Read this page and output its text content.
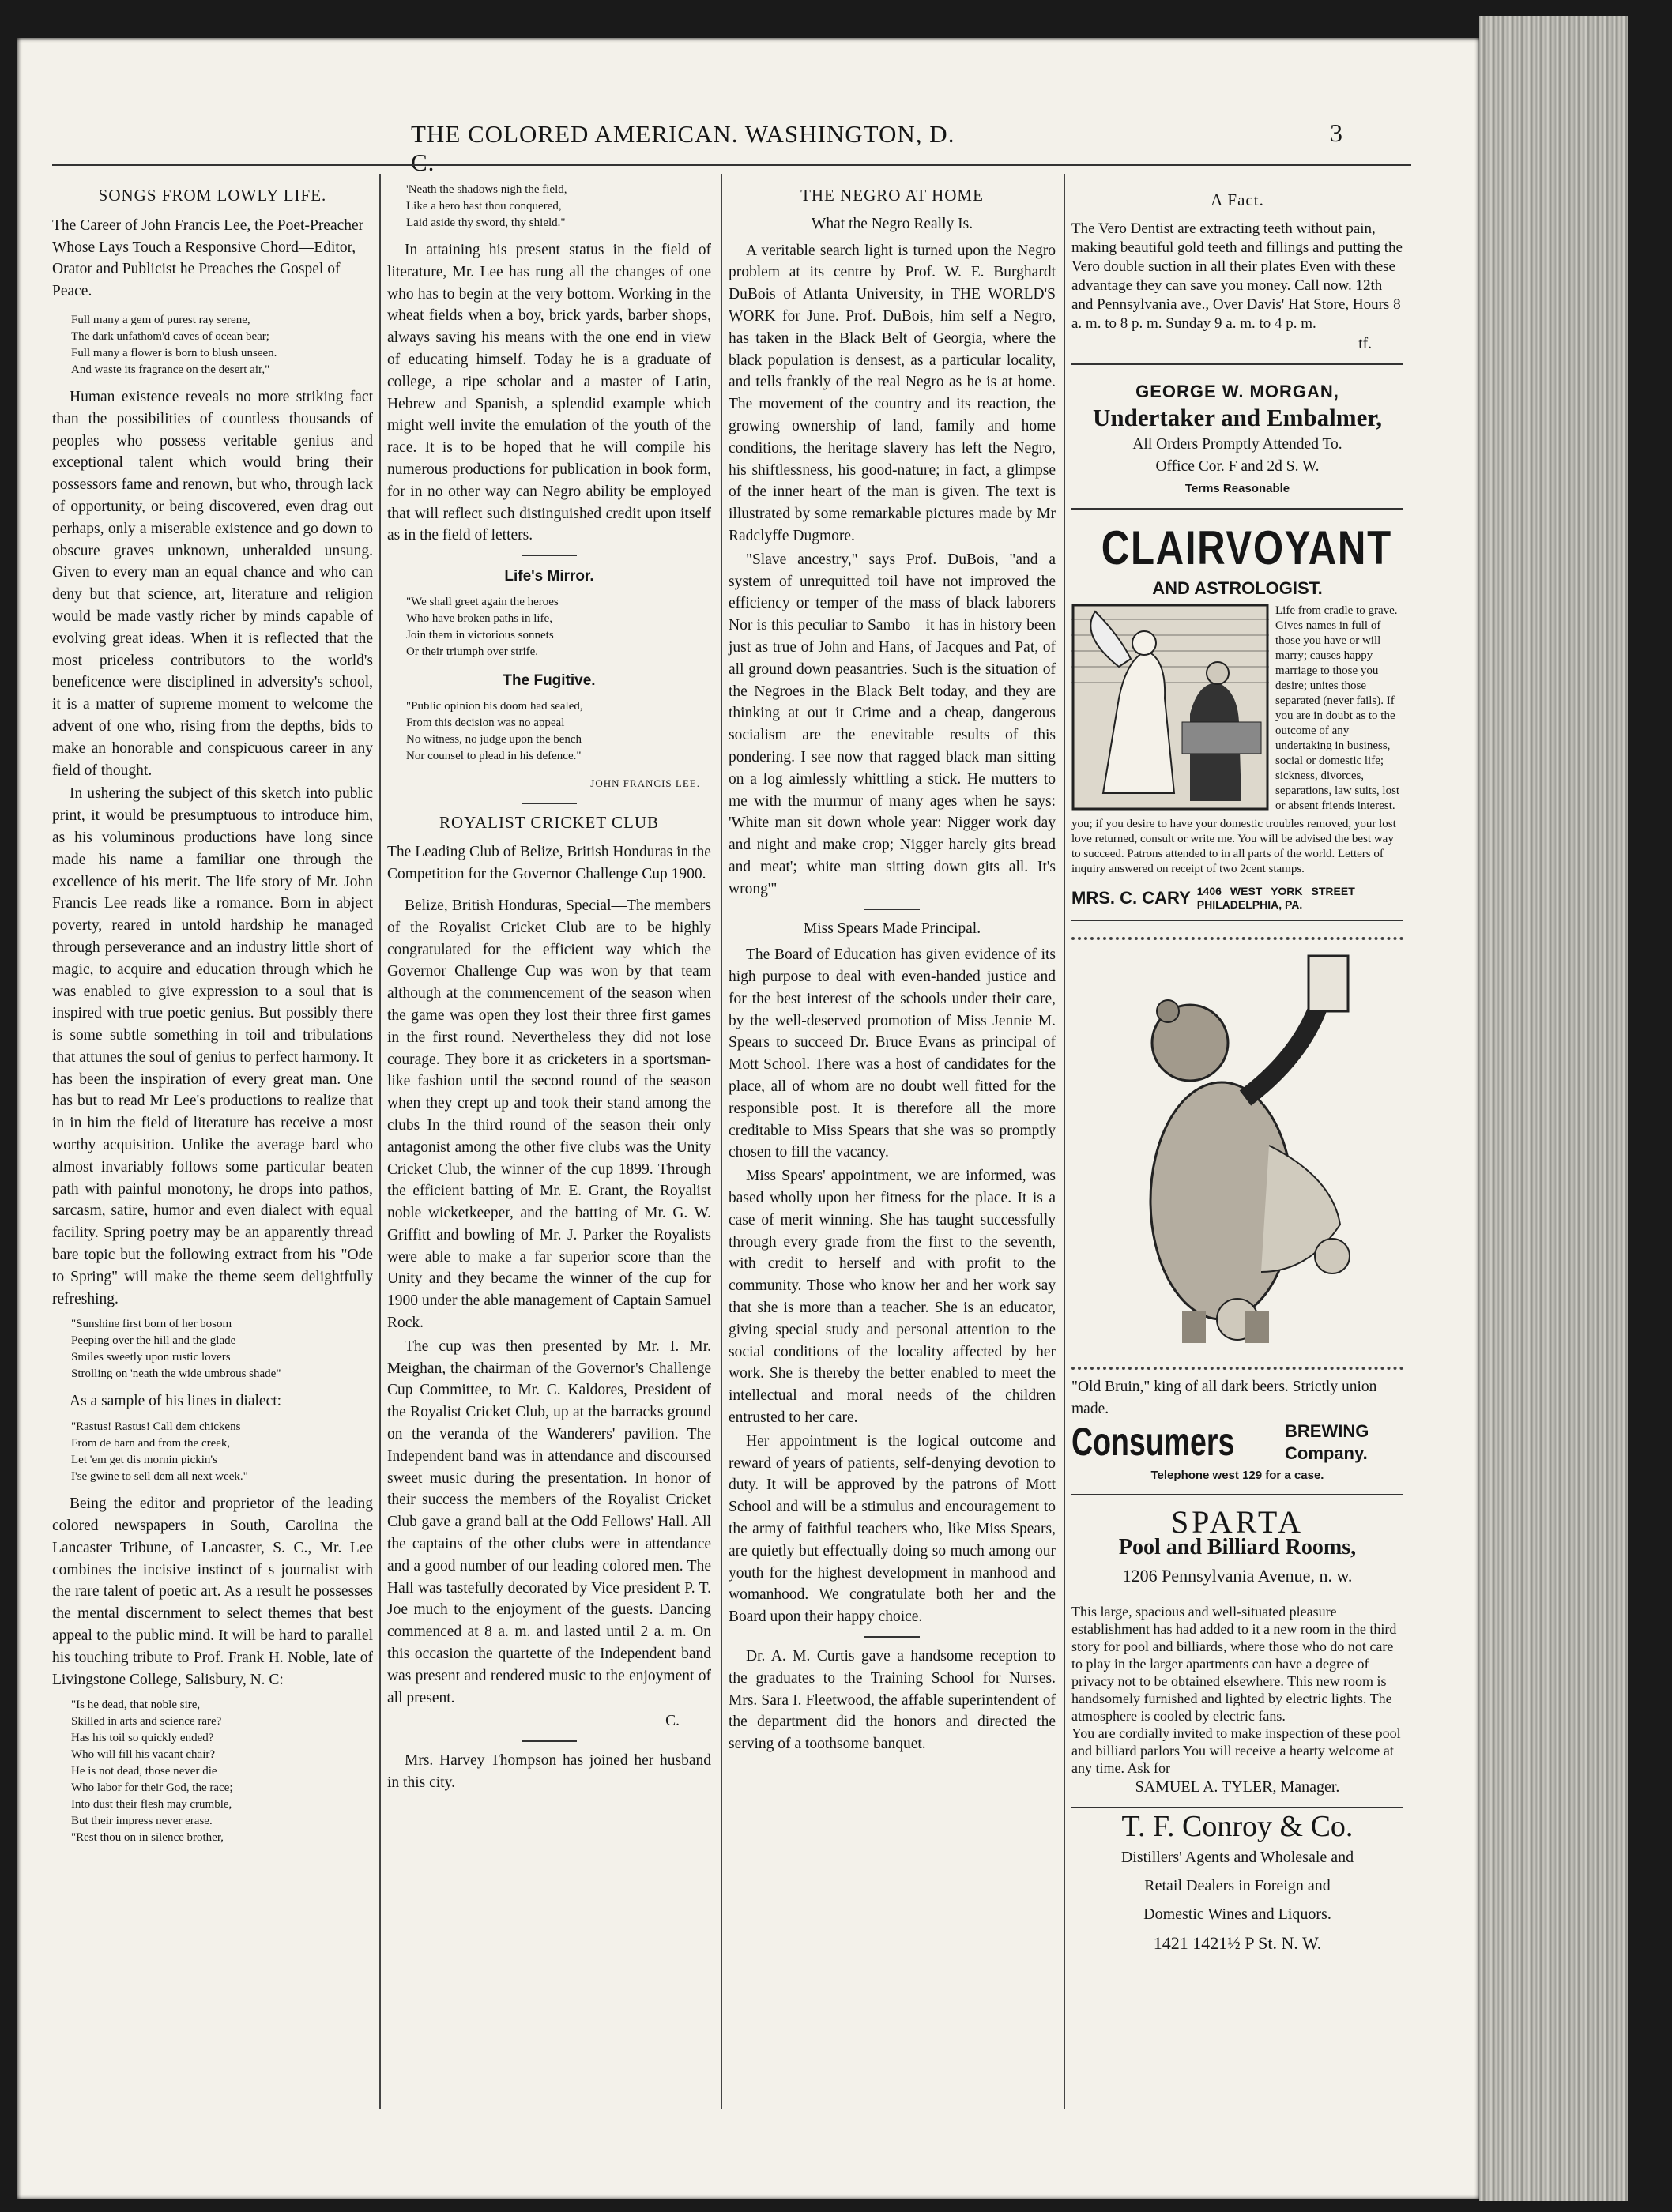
THE COLORED AMERICAN. WASHINGTON, D. C.
3
SONGS FROM LOWLY LIFE.
The Career of John Francis Lee, the Poet-Preacher Whose Lays Touch a Responsive Chord—Editor, Orator and Publicist he Preaches the Gospel of Peace.
Full many a gem of purest ray serene,
The dark unfathom'd caves of ocean bear;
Full many a flower is born to blush unseen.
And waste its fragrance on the desert air,"

Human existence reveals no more striking fact than the possibilities of countless thousands of peoples who possess veritable genius and exceptional talent which would bring their possessors fame and renown, but who, through lack of opportunity, or being discovered, even drag out perhaps, only a miserable existence and go down to obscure graves unknown, unheralded unsung. Given to every man an equal chance and who can deny but that science, art, literature and religion would be made vastly richer by minds capable of evolving great ideas. When it is reflected that the most priceless contributors to the world's beneficence were disciplined in adversity's school, it is a matter of supreme moment to welcome the advent of one who, rising from the depths, bids to make an honorable and conspicuous career in any field of thought.

In ushering the subject of this sketch into public print, it would be presumptuous to introduce him, as his voluminous productions have long since made his name a familiar one through the excellence of his merit. The life story of Mr. John Francis Lee reads like a romance. Born in abject poverty, reared in untold hardship he managed through perseverance and an industry little short of magic, to acquire and education through which he was enabled to give expression to a soul that is inspired with true poetic genius. But possibly there is some subtle something in toil and tribulations that attunes the soul of genius to perfect harmony. It has been the inspiration of every great man. One has but to read Mr Lee's productions to realize that in in him the field of literature has receive a most worthy acquisition. Unlike the average bard who almost invariably follows some particular beaten path with painful monotony, he drops into pathos, sarcasm, satire, humor and even dialect with equal facility. Spring poetry may be an apparently thread bare topic but the following extract from his "Ode to Spring" will make the theme seem delightfully refreshing.

"Sunshine first born of her bosom
Peeping over the hill and the glade
Smiles sweetly upon rustic lovers
Strolling on 'neath the wide umbrous shade"

As a sample of his lines in dialect:

"Rastus! Rastus! Call dem chickens
From de barn and from the creek,
Let 'em get dis mornin pickin's
I'se gwine to sell dem all next week."

Being the editor and proprietor of the leading colored newspapers in South, Carolina the Lancaster Tribune, of Lancaster, S. C., Mr. Lee combines the incisive instinct of s journalist with the rare talent of poetic art. As a result he possesses the mental discernment to select themes that best appeal to the public mind. It will be hard to parallel his touching tribute to Prof. Frank H. Noble, late of Livingstone College, Salisbury, N. C:

"Is he dead, that noble sire,
Skilled in arts and science rare?
Has his toil so quickly ended?
Who will fill his vacant chair?
He is not dead, those never die
Who labor for their God, the race;
Into dust their flesh may crumble,
But their impress never erase.
"Rest thou on in silence brother,
'Neath the shadows nigh the field,
Like a hero hast thou conquered,
Laid aside thy sword, thy shield."

In attaining his present status in the field of literature, Mr. Lee has rung all the changes of one who has to begin at the very bottom. Working in the wheat fields when a boy, brick yards, barber shops, always saving his means with the one end in view of educating himself. Today he is a graduate of college, a ripe scholar and a master of Latin, Hebrew and Spanish, a splendid example which might well invite the emulation of the youth of the race. It is to be hoped that he will compile his numerous productions for publication in book form, for in no other way can Negro ability be employed that will reflect such distinguished credit upon itself as in the field of letters.

Life's Mirror.
"We shall greet again the heroes
Who have broken paths in life,
Join them in victorious sonnets
Or their triumph over strife.
The Fugitive.
"Public opinion his doom had sealed,
From this decision was no appeal
No witness, no judge upon the bench
Nor counsel to plead in his defence."
JOHN FRANCIS LEE.
ROYALIST CRICKET CLUB
The Leading Club of Belize, British Honduras in the Competition for the Governor Challenge Cup 1900.

Belize, British Honduras, Special—The members of the Royalist Cricket Club are to be highly congratulated for the efficient way which the Governor Challenge Cup was won by that team although at the commencement of the season when the game was open they lost their three first games in the first round. Nevertheless they did not lose courage. They bore it as cricketers in a sportsman-like fashion until the second round of the season when they crept up and took their stand among the clubs In the third round of the season their only antagonist among the other five clubs was the Unity Cricket Club, the winner of the cup 1899. Through the efficient batting of Mr. E. Grant, the Royalist noble wicketkeeper, and the batting of Mr. G. W. Griffitt and bowling of Mr. J. Parker the Royalists were able to make a far superior score than the Unity and they became the winner of the cup for 1900 under the able management of Captain Samuel Rock.

The cup was then presented by Mr. I. Mr. Meighan, the chairman of the Governor's Challenge Cup Committee, to Mr. C. Kaldores, President of the Royalist Cricket Club, up at the barracks ground on the veranda of the Wanderers' pavilion. The Independent band was in attendance and discoursed sweet music during the presentation. In honor of their success the members of the Royalist Cricket Club gave a grand ball at the Odd Fellows' Hall. All the captains of the other clubs were in attendance and a good number of our leading colored men. The Hall was tastefully decorated by Vice president P. T. Joe much to the enjoyment of the guests. Dancing commenced at 8 a. m. and lasted until 2 a. m. On this occasion the quartette of the Independent band was present and rendered music to the enjoyment of all present.

C.

Mrs. Harvey Thompson has joined her husband in this city.

THE NEGRO AT HOME
What the Negro Really Is.

A veritable search light is turned upon the Negro problem at its centre by Prof. W. E. Burghardt DuBois of Atlanta University, in THE WORLD'S WORK for June. Prof. DuBois, him self a Negro, has taken in the Black Belt of Georgia, where the black population is densest, as a particular locality, and tells frankly of the real Negro as he is at home. The movement of the country and its reaction, the growing ownership of land, family and home conditions, the heritage slavery has left the Negro, his shiftlessness, his good-nature; in fact, a glimpse of the inner heart of the man is given. The text is illustrated by some remarkable pictures made by Mr Radclyffe Dugmore.

"Slave ancestry," says Prof. DuBois, "and a system of unrequitted toil have not improved the efficiency or temper of the mass of black laborers Nor is this peculiar to Sambo—it has in history been just as true of John and Hans, of Jacques and Pat, of all ground down peasantries. Such is the situation of the Negroes in the Black Belt today, and they are thinking at out it Crime and a cheap, dangerous socialism are the enevitable results of this pondering. I see now that ragged black man sitting on a log aimlessly whittling a stick. He mutters to me with the murmur of many ages when he says: 'White man sit down whole year: Nigger work day and night and make crop; Nigger harcly gits bread and meat'; white man sitting down gits all. It's wrong'"

Miss Spears Made Principal.

The Board of Education has given evidence of its high purpose to deal with even-handed justice and for the best interest of the schools under their care, by the well-deserved promotion of Miss Jennie M. Spears to succeed Dr. Bruce Evans as principal of Mott School. There was a host of candidates for the place, all of whom are no doubt well fitted for the responsible post. It is therefore all the more creditable to Miss Spears that she was so promptly chosen to fill the vacancy.

Miss Spears' appointment, we are informed, was based wholly upon her fitness for the place. It is a case of merit winning. She has taught successfully through every grade from the first to the seventh, with credit to herself and with profit to the community. Those who know her and her work say that she is more than a teacher. She is an educator, giving special study and personal attention to the social conditions of the locality affected by her work. She is thereby the better enabled to meet the intellectual and moral needs of the children entrusted to her care.

Her appointment is the logical outcome and reward of years of patients, self-denying devotion to duty. It will be approved by the patrons of Mott School and will be a stimulus and encouragement to the army of faithful teachers who, like Miss Spears, are quietly but effectually doing so much among our youth for the highest development in manhood and womanhood. We congratulate both her and the Board upon their happy choice.

Dr. A. M. Curtis gave a handsome reception to the graduates to the Training School for Nurses. Mrs. Sara I. Fleetwood, the affable superintendent of the department did the honors and directed the serving of a toothsome banquet.

A Fact.

The Vero Dentist are extracting teeth without pain, making beautiful gold teeth and fillings and putting the Vero double suction in all their plates Even with these advantage they can save you money. Call now. 12th and Pennsylvania ave., Over Davis' Hat Store, Hours 8 a. m. to 8 p. m. Sunday 9 a. m. to 4 p. m.

tf.

GEORGE W. MORGAN,

Undertaker and Embalmer,

All Orders Promptly Attended To.

Office Cor. F and 2d S. W.

Terms Reasonable

CLAIRVOYANT

AND ASTROLOGIST.

Life from cradle to grave. Gives names in full of those you have or will marry; causes happy marriage to those you desire; unites those separated (never fails). If you are in doubt as to the outcome of any undertaking in business, social or domestic life; sickness, divorces, separations, law suits, lost or absent friends interest.

you; if you desire to have your domestic troubles removed, your lost love returned, consult or write me. You will be advised the best way to succeed. Patrons attended to in all parts of the world. Letters of inquiry answered on receipt of two 2cent stamps.

MRS. C. CARY 1406 WEST YORK STREET PHILADELPHIA, PA.

"Old Bruin," king of all dark beers. Strictly union made.

Consumers	BREWING Company.

Telephone west 129 for a case.

SPARTA

Pool and Billiard Rooms,

1206 Pennsylvania Avenue, n. w.

This large, spacious and well-situated pleasure establishment has had added to it a new room in the third story for pool and billiards, where those who do not care to play in the larger apartments can have a degree of privacy not to be obtained elsewhere. This new room is handsomely furnished and lighted by electric lights. The atmosphere is cooled by electric fans.

You are cordially invited to make inspection of these pool and billiard parlors You will receive a hearty welcome at any time. Ask for

SAMUEL A. TYLER, Manager.

T. F. Conroy & Co.

Distillers' Agents and Wholesale and

Retail Dealers in Foreign and

Domestic Wines and Liquors.

1421 1421½ P St. N. W.
